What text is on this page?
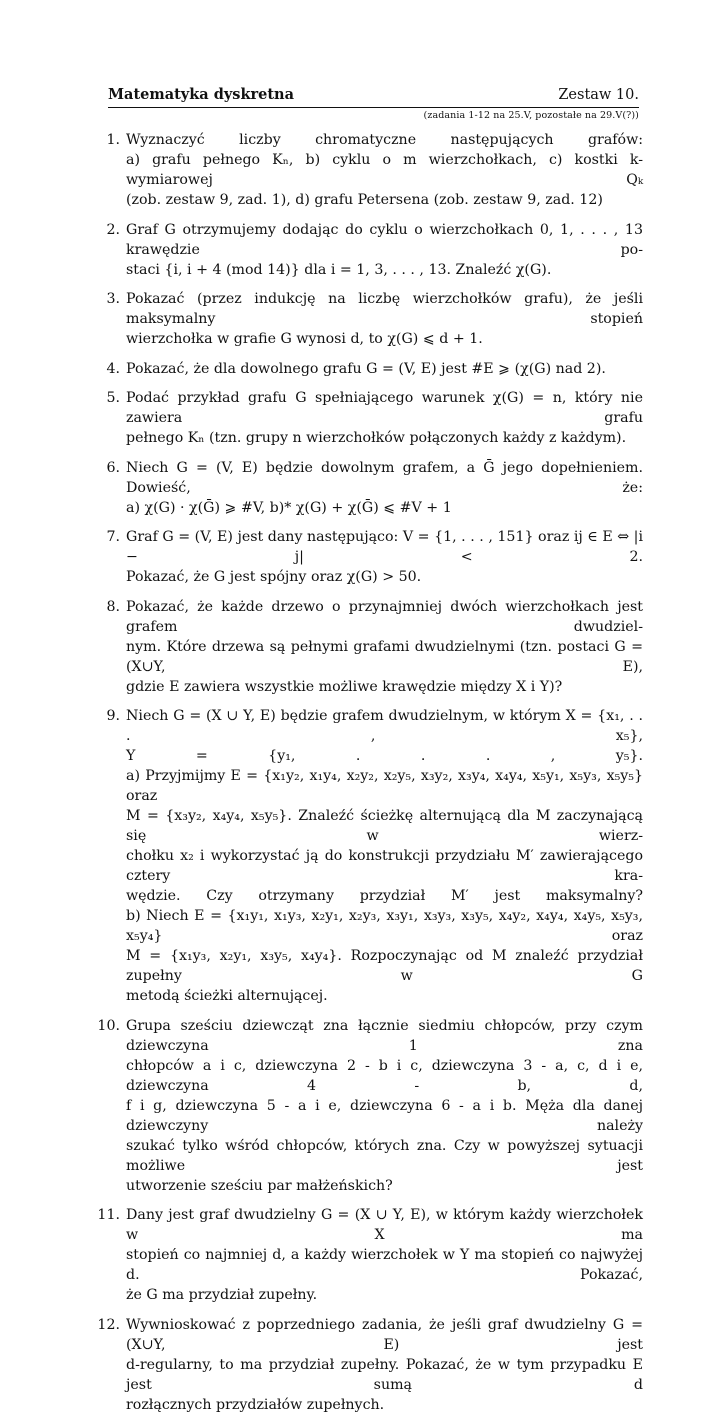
Matematyka dyskretna	Zestaw 10.
(zadania 1-12 na 25.V, pozostałe na 29.V(?))
1. Wyznaczyć liczby chromatyczne następujących grafów:
a) grafu pełnego Kₙ, b) cyklu o m wierzchołkach, c) kostki k-wymiarowej Qₖ
(zob. zestaw 9, zad. 1), d) grafu Petersena (zob. zestaw 9, zad. 12)
2. Graf G otrzymujemy dodając do cyklu o wierzchołkach 0, 1, . . . , 13 krawędzie po-
staci {i, i + 4 (mod 14)} dla i = 1, 3, . . . , 13. Znaleźć χ(G).
3. Pokazać (przez indukcję na liczbę wierzchołków grafu), że jeśli maksymalny stopień
wierzchołka w grafie G wynosi d, to χ(G) ⩽ d + 1.
4. Pokazać, że dla dowolnego grafu G = (V, E) jest #E ⩾ (χ(G) nad 2).
5. Podać przykład grafu G spełniającego warunek χ(G) = n, który nie zawiera grafu
pełnego Kₙ (tzn. grupy n wierzchołków połączonych każdy z każdym).
6. Niech G = (V, E) będzie dowolnym grafem, a Ḡ jego dopełnieniem. Dowieść, że:
a) χ(G) · χ(Ḡ) ⩾ #V, b)* χ(G) + χ(Ḡ) ⩽ #V + 1
7. Graf G = (V, E) jest dany następująco: V = {1, . . . , 151} oraz ij ∈ E ⇔ |i − j| < 2.
Pokazać, że G jest spójny oraz χ(G) > 50.
8. Pokazać, że każde drzewo o przynajmniej dwóch wierzchołkach jest grafem dwudziel-
nym. Które drzewa są pełnymi grafami dwudzielnymi (tzn. postaci G = (X∪Y, E),
gdzie E zawiera wszystkie możliwe krawędzie między X i Y)?
9. Niech G = (X ∪ Y, E) będzie grafem dwudzielnym, w którym X = {x₁, . . . , x₅},
Y = {y₁, . . . , y₅}.
a) Przyjmijmy E = {x₁y₂, x₁y₄, x₂y₂, x₂y₅, x₃y₂, x₃y₄, x₄y₄, x₅y₁, x₅y₃, x₅y₅} oraz
M = {x₃y₂, x₄y₄, x₅y₅}. Znaleźć ścieżkę alternującą dla M zaczynającą się w wierz-
chołku x₂ i wykorzystać ją do konstrukcji przydziału M′ zawierającego cztery kra-
wędzie. Czy otrzymany przydział M′ jest maksymalny?
b) Niech E = {x₁y₁, x₁y₃, x₂y₁, x₂y₃, x₃y₁, x₃y₃, x₃y₅, x₄y₂, x₄y₄, x₄y₅, x₅y₃, x₅y₄} oraz
M = {x₁y₃, x₂y₁, x₃y₅, x₄y₄}. Rozpoczynając od M znaleźć przydział zupełny w G
metodą ścieżki alternującej.
10. Grupa sześciu dziewcząt zna łącznie siedmiu chłopców, przy czym dziewczyna 1 zna
chłopców a i c, dziewczyna 2 - b i c, dziewczyna 3 - a, c, d i e, dziewczyna 4 - b, d,
f i g, dziewczyna 5 - a i e, dziewczyna 6 - a i b. Męża dla danej dziewczyny należy
szukać tylko wśród chłopców, których zna. Czy w powyższej sytuacji możliwe jest
utworzenie sześciu par małżeńskich?
11. Dany jest graf dwudzielny G = (X ∪ Y, E), w którym każdy wierzchołek w X ma
stopień co najmniej d, a każdy wierzchołek w Y ma stopień co najwyżej d. Pokazać,
że G ma przydział zupełny.
12. Wywnioskować z poprzedniego zadania, że jeśli graf dwudzielny G = (X∪Y, E) jest
d-regularny, to ma przydział zupełny. Pokazać, że w tym przypadku E jest sumą d
rozłącznych przydziałów zupełnych.
